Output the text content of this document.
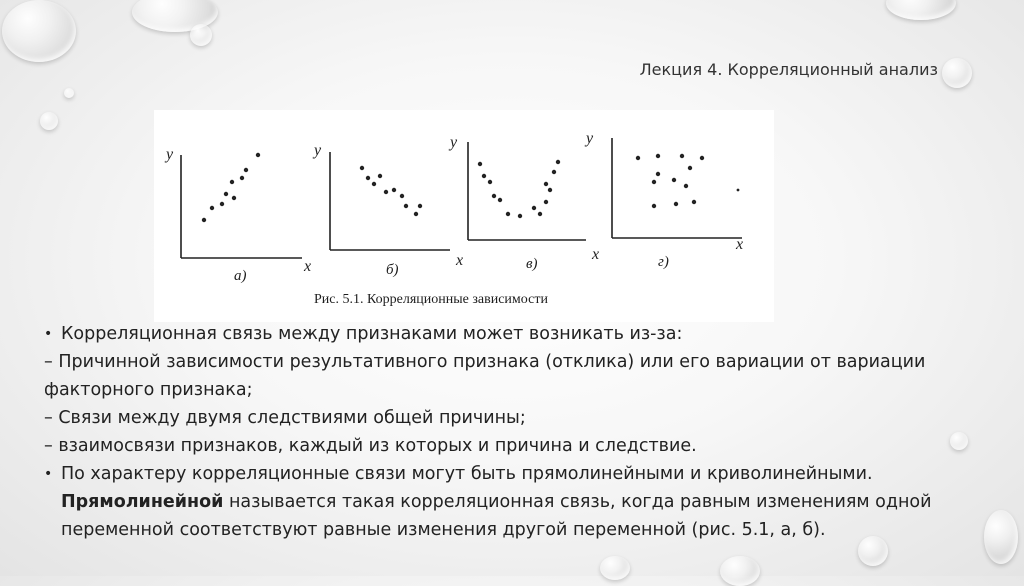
Лекция 4. Корреляционный анализ
y
x
y
x
y
x
y
x
а)	б)	в)	г)
Рис. 5.1. Корреляционные зависимости
• Корреляционная связь между признаками может возникать из-за:
– Причинной зависимости результативного признака (отклика) или его вариации от вариации факторного признака;
– Связи между двумя следствиями общей причины;
– взаимосвязи признаков, каждый из которых и причина и следствие.
• По характеру корреляционные связи могут быть прямолинейными и криволинейными.
Прямолинейной называется такая корреляционная связь, когда равным изменениям одной переменной соответствуют равные изменения другой переменной (рис. 5.1, а, б).
